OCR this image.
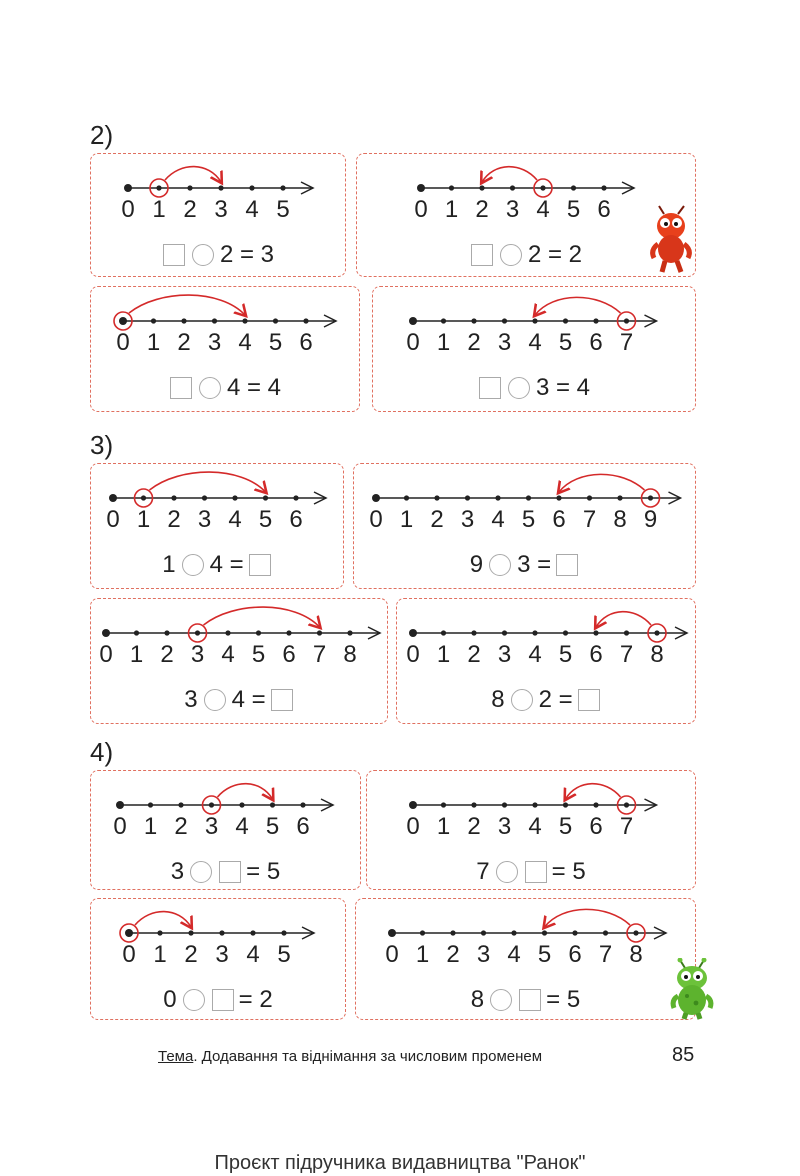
2)
3)
4)
0 1 2 3 4 5
2 = 3
0 1 2 3 4 5 6
2 = 2
0 1 2 3 4 5 6
4 = 4
0 1 2 3 4 5 6 7
3 = 4
0 1 2 3 4 5 6
1 4 =
0 1 2 3 4 5 6 7 8 9
9 3 =
0 1 2 3 4 5 6 7 8
3 4 =
0 1 2 3 4 5 6 7 8
8 2 =
0 1 2 3 4 5 6
3	= 5
0 1 2 3 4 5 6 7
7	= 5
0 1 2 3 4 5
0	= 2
0 1 2 3 4 5 6 7 8
8	= 5
Тема. Додавання та віднімання за числовим променем	85
Проєкт підручника видавництва "Ранок"
